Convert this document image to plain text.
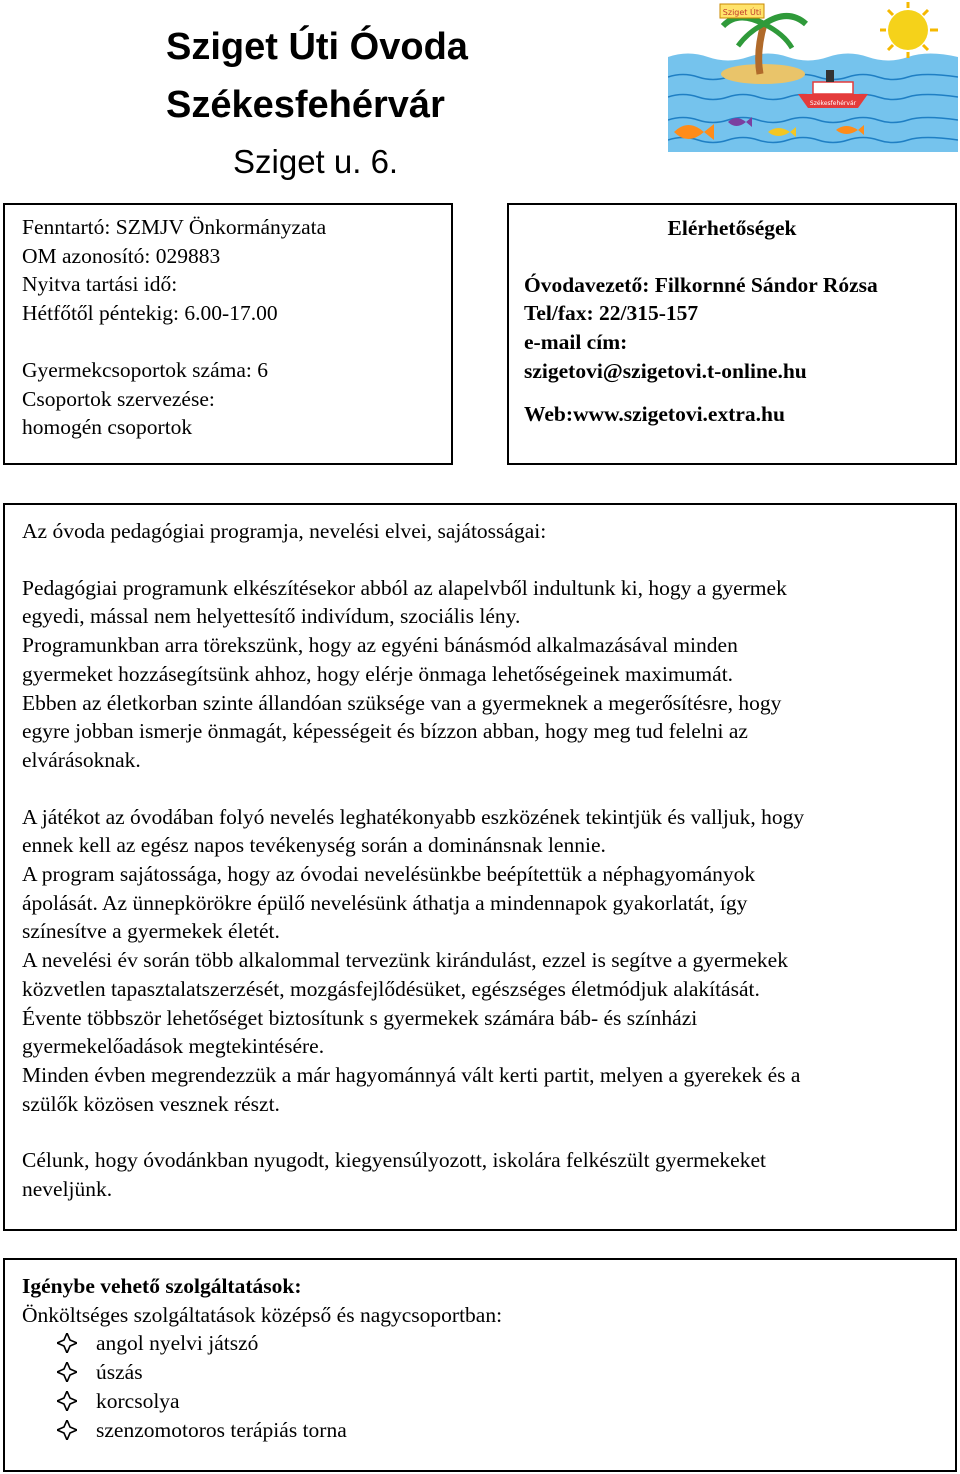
Sziget Úti Óvoda
Székesfehérvár
Sziget u. 6.
Sziget Úti
Székesfehérvár
Fenntartó: SZMJV Önkormányzata
OM azonosító: 029883
Nyitva tartási idő:
Hétfőtől péntekig: 6.00-17.00
Gyermekcsoportok száma: 6
Csoportok szervezése:
homogén csoportok
Elérhetőségek
Óvodavezető: Filkornné Sándor Rózsa
Tel/fax: 22/315-157
e-mail cím:
szigetovi@szigetovi.t-online.hu
Web:www.szigetovi.extra.hu
Az óvoda pedagógiai programja, nevelési elvei, sajátosságai:
Pedagógiai programunk elkészítésekor abból az alapelvből indultunk ki, hogy a gyermek
egyedi, mással nem helyettesítő indivídum, szociális lény.
Programunkban arra törekszünk, hogy az egyéni bánásmód alkalmazásával minden
gyermeket hozzásegítsünk ahhoz, hogy elérje önmaga lehetőségeinek maximumát.
Ebben az életkorban szinte állandóan szüksége van a gyermeknek a megerősítésre, hogy
egyre jobban ismerje önmagát, képességeit és bízzon abban, hogy meg tud felelni az
elvárásoknak.
A játékot az óvodában folyó nevelés leghatékonyabb eszközének tekintjük és valljuk, hogy
ennek kell az egész napos tevékenység során a dominánsnak lennie.
A program sajátossága, hogy az óvodai nevelésünkbe beépítettük a néphagyományok
ápolását. Az ünnepkörökre épülő nevelésünk áthatja a mindennapok gyakorlatát, így
színesítve a gyermekek életét.
A nevelési év során több alkalommal tervezünk kirándulást, ezzel is segítve a gyermekek
közvetlen tapasztalatszerzését, mozgásfejlődésüket, egészséges életmódjuk alakítását.
Évente többször lehetőséget biztosítunk s gyermekek számára báb- és színházi
gyermekelőadások megtekintésére.
Minden évben megrendezzük a már hagyománnyá vált kerti partit, melyen a gyerekek és a
szülők közösen vesznek részt.
Célunk, hogy óvodánkban nyugodt, kiegyensúlyozott, iskolára felkészült gyermekeket
neveljünk.
Igénybe vehető szolgáltatások:
Önköltséges szolgáltatások középső és nagycsoportban:
angol nyelvi játszó
úszás
korcsolya
szenzomotoros terápiás torna
